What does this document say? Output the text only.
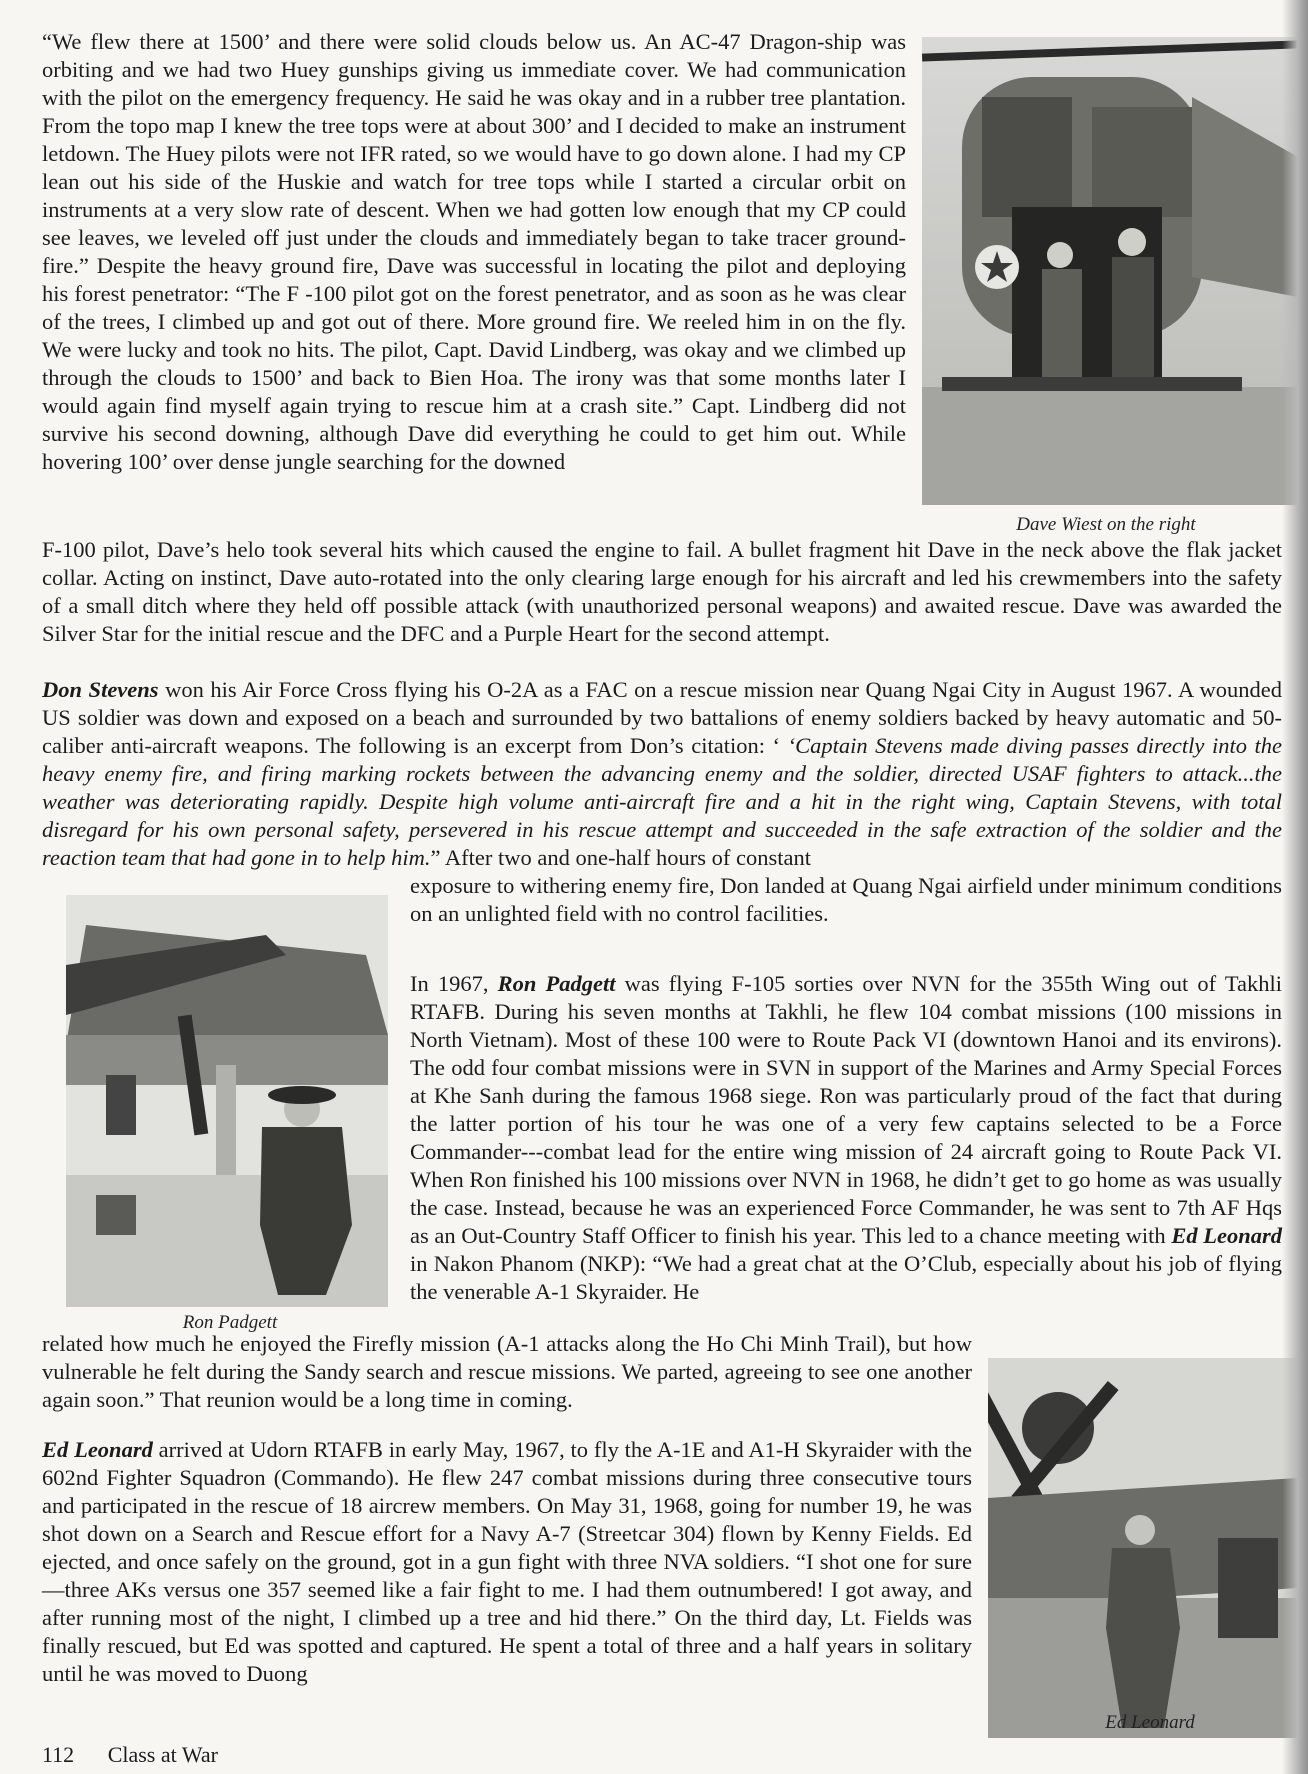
Dave Wiest on the right

“We flew there at 1500’ and there were solid clouds below us. An AC-47 Dragon-ship was orbiting and we had two Huey gunships giving us immediate cover. We had communication with the pilot on the emergency frequency. He said he was okay and in a rubber tree plantation. From the topo map I knew the tree tops were at about 300’ and I decided to make an instrument letdown. The Huey pilots were not IFR rated, so we would have to go down alone. I had my CP lean out his side of the Huskie and watch for tree tops while I started a circular orbit on instruments at a very slow rate of descent. When we had gotten low enough that my CP could see leaves, we leveled off just under the clouds and immediately began to take tracer ground-fire.” Despite the heavy ground fire, Dave was successful in locating the pilot and deploying his forest penetrator: “The F -100 pilot got on the forest penetrator, and as soon as he was clear of the trees, I climbed up and got out of there. More ground fire. We reeled him in on the fly. We were lucky and took no hits. The pilot, Capt. David Lindberg, was okay and we climbed up through the clouds to 1500’ and back to Bien Hoa. The irony was that some months later I would again find myself again trying to rescue him at a crash site.” Capt. Lindberg did not survive his second downing, although Dave did everything he could to get him out. While hovering 100’ over dense jungle searching for the downed

F-100 pilot, Dave’s helo took several hits which caused the engine to fail. A bullet fragment hit Dave in the neck above the flak jacket collar. Acting on instinct, Dave auto-rotated into the only clearing large enough for his aircraft and led his crewmembers into the safety of a small ditch where they held off possible attack (with unauthorized personal weapons) and awaited rescue. Dave was awarded the Silver Star for the initial rescue and the DFC and a Purple Heart for the second attempt.

Don Stevens won his Air Force Cross flying his O-2A as a FAC on a rescue mission near Quang Ngai City in August 1967. A wounded US soldier was down and exposed on a beach and surrounded by two battalions of enemy soldiers backed by heavy automatic and 50-caliber anti-aircraft weapons. The following is an excerpt from Don’s citation: ‘ ‘Captain Stevens made diving passes directly into the heavy enemy fire, and firing marking rockets between the advancing enemy and the soldier, directed USAF fighters to attack...the weather was deteriorating rapidly. Despite high volume anti-aircraft fire and a hit in the right wing, Captain Stevens, with total disregard for his own personal safety, persevered in his rescue attempt and succeeded in the safe extraction of the soldier and the reaction team that had gone in to help him.” After two and one-half hours of constant

exposure to withering enemy fire, Don landed at Quang Ngai airfield under minimum conditions on an unlighted field with no control facilities.

Ron Padgett

In 1967, Ron Padgett was flying F-105 sorties over NVN for the 355th Wing out of Takhli RTAFB. During his seven months at Takhli, he flew 104 combat missions (100 missions in North Vietnam). Most of these 100 were to Route Pack VI (downtown Hanoi and its environs). The odd four combat missions were in SVN in support of the Marines and Army Special Forces at Khe Sanh during the famous 1968 siege. Ron was particularly proud of the fact that during the latter portion of his tour he was one of a very few captains selected to be a Force Commander---combat lead for the entire wing mission of 24 aircraft going to Route Pack VI. When Ron finished his 100 missions over NVN in 1968, he didn’t get to go home as was usually the case. Instead, because he was an experienced Force Commander, he was sent to 7th AF Hqs as an Out-Country Staff Officer to finish his year. This led to a chance meeting with Ed Leonard in Nakon Phanom (NKP): “We had a great chat at the O’Club, especially about his job of flying the venerable A-1 Skyraider. He

related how much he enjoyed the Firefly mission (A-1 attacks along the Ho Chi Minh Trail), but how vulnerable he felt during the Sandy search and rescue missions. We parted, agreeing to see one another again soon.” That reunion would be a long time in coming.

Ed Leonard

Ed Leonard arrived at Udorn RTAFB in early May, 1967, to fly the A-1E and A1-H Skyraider with the 602nd Fighter Squadron (Commando). He flew 247 combat missions during three consecutive tours and participated in the rescue of 18 aircrew members. On May 31, 1968, going for number 19, he was shot down on a Search and Rescue effort for a Navy A-7 (Streetcar 304) flown by Kenny Fields. Ed ejected, and once safely on the ground, got in a gun fight with three NVA soldiers. “I shot one for sure—three AKs versus one 357 seemed like a fair fight to me. I had them outnumbered! I got away, and after running most of the night, I climbed up a tree and hid there.” On the third day, Lt. Fields was finally rescued, but Ed was spotted and captured. He spent a total of three and a half years in solitary until he was moved to Duong

112 Class at War
